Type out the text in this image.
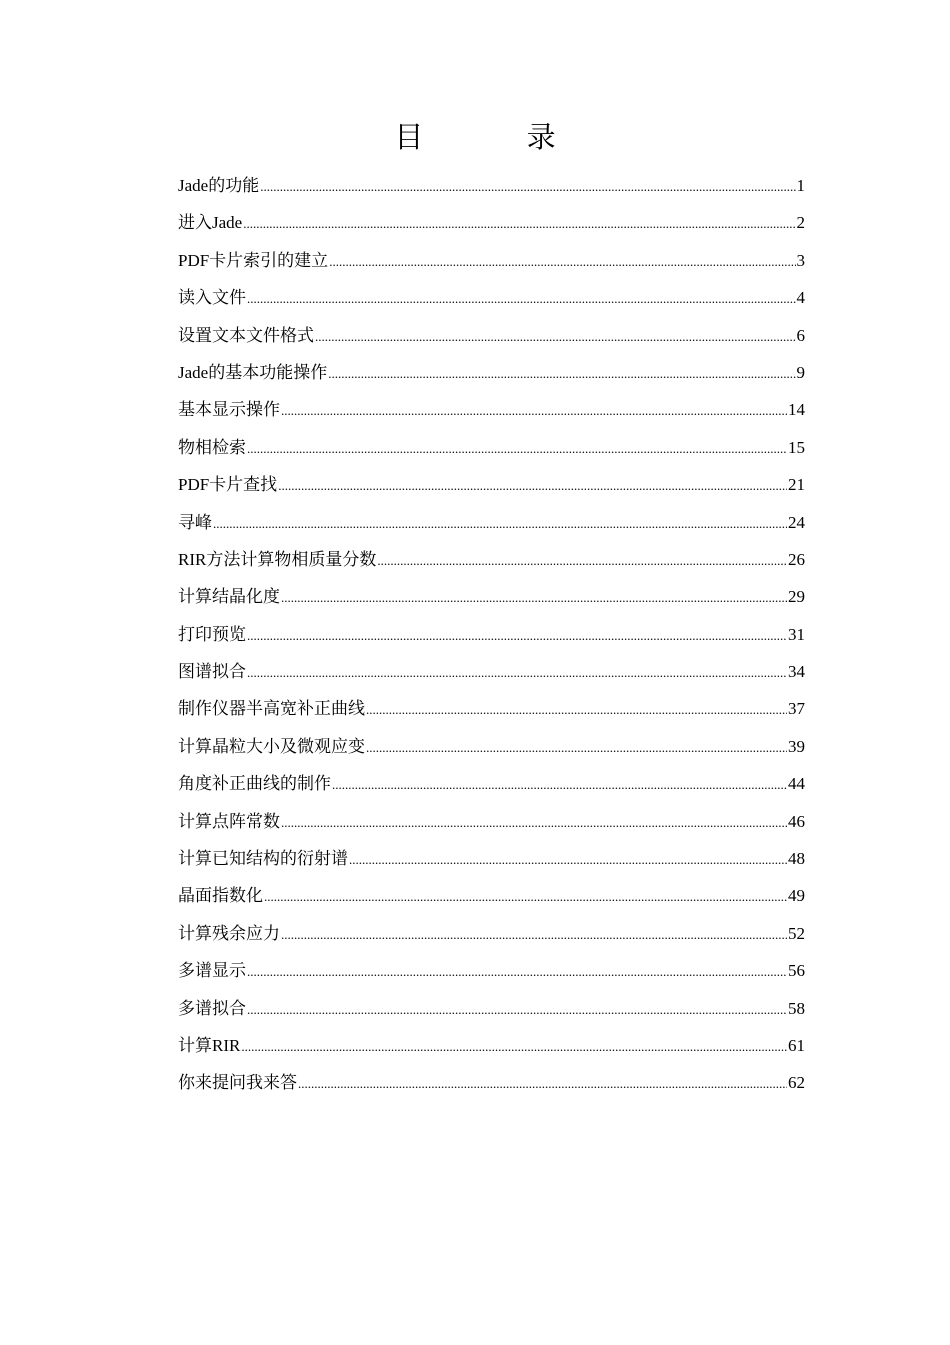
目 录
Jade的功能 .....	1
进入Jade .....	2
PDF卡片索引的建立 .....	3
读入文件 .....	4
设置文本文件格式 .....	6
Jade的基本功能操作 .....	9
基本显示操作 .....	14
物相检索 .....	15
PDF卡片查找 .....	21
寻峰 .....	24
RIR方法计算物相质量分数 .....	26
计算结晶化度 .....	29
打印预览 .....	31
图谱拟合 .....	34
制作仪器半高宽补正曲线 .....	37
计算晶粒大小及微观应变 .....	39
角度补正曲线的制作 .....	44
计算点阵常数 .....	46
计算已知结构的衍射谱 .....	48
晶面指数化 .....	49
计算残余应力 .....	52
多谱显示 .....	56
多谱拟合 .....	58
计算RIR .....	61
你来提问我来答 .....	62
